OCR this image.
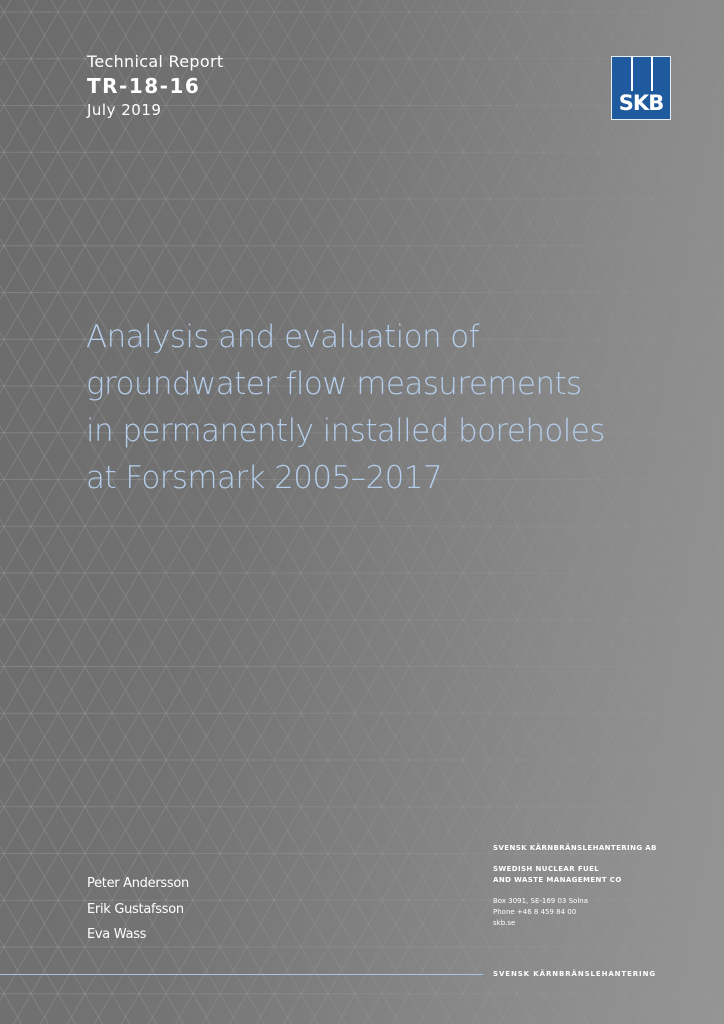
Technical Report
TR-18-16
July 2019	SKB
Analysis and evaluation of
groundwater flow measurements
in permanently installed boreholes
at Forsmark 2005–2017
Peter Andersson
Erik Gustafsson
Eva Wass
SVENSK KÄRNBRÄNSLEHANTERING AB
SWEDISH NUCLEAR FUEL
AND WASTE MANAGEMENT CO
Box 3091, SE-169 03 Solna
Phone +46 8 459 84 00
skb.se
SVENSK KÄRNBRÄNSLEHANTERING
